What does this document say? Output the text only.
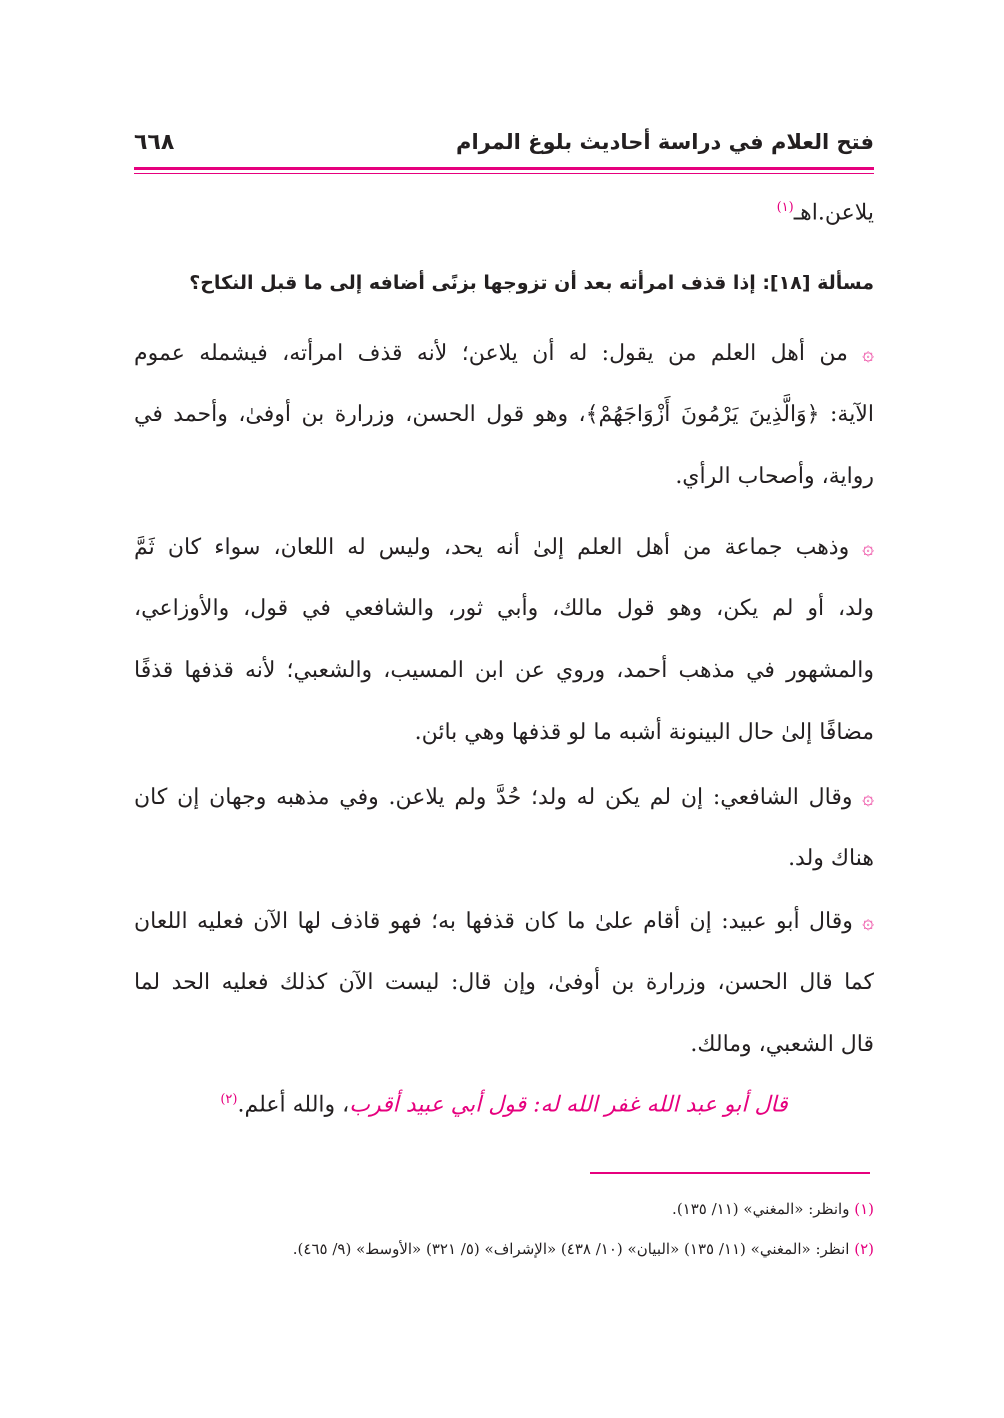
فتح العلام في دراسة أحاديث بلوغ المرام
٦٦٨
يلاعن.اهـ$^{(١)}$
مسألة [١٨]: إذا قذف امرأته بعد أن تزوجها بزنًى أضافه إلى ما قبل النكاح؟
۞ من أهل العلم من يقول: له أن يلاعن؛ لأنه قذف امرأته، فيشمله عموم
الآية: ﴿وَالَّذِينَ يَرْمُونَ أَزْوَاجَهُمْ﴾، وهو قول الحسن، وزرارة بن أوفىٰ، وأحمد في
رواية، وأصحاب الرأي.
۞ وذهب جماعة من أهل العلم إلىٰ أنه يحد، وليس له اللعان، سواء كان ثَمَّ
ولد، أو لم يكن، وهو قول مالك، وأبي ثور، والشافعي في قول، والأوزاعي،
والمشهور في مذهب أحمد، وروي عن ابن المسيب، والشعبي؛ لأنه قذفها قذفًا
مضافًا إلىٰ حال البينونة أشبه ما لو قذفها وهي بائن.
۞ وقال الشافعي: إن لم يكن له ولد؛ حُدَّ ولم يلاعن. وفي مذهبه وجهان إن كان
هناك ولد.
۞ وقال أبو عبيد: إن أقام علىٰ ما كان قذفها به؛ فهو قاذف لها الآن فعليه اللعان
كما قال الحسن، وزرارة بن أوفىٰ، وإن قال: ليست الآن كذلك فعليه الحد لما
قال الشعبي، ومالك.
قال أبو عبد الله غفر الله له: قول أبي عبيد أقرب، والله أعلم.$^{(٢)}$
(١) وانظر: «المغني» (١١/ ١٣٥).
(٢) انظر: «المغني» (١١/ ١٣٥) «البيان» (١٠/ ٤٣٨) «الإشراف» (٥/ ٣٢١) «الأوسط» (٩/ ٤٦٥).
